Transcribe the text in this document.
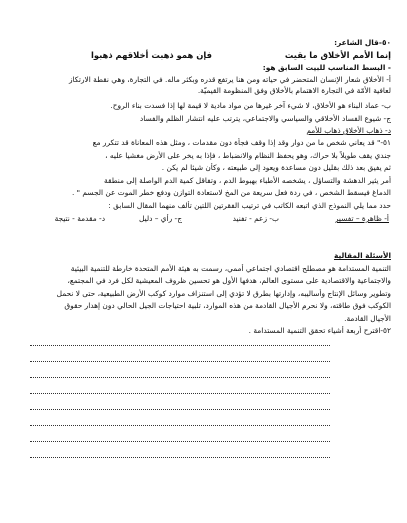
٥٠-قال الشاعر:
إنما الأمم الأخلاق ما بقيت
فإن همو ذهبت أخلاقهم ذهبوا
- البسط المناسب للبيت السابق هو:
أ- الأخلاق شعار الإنسان المتحضر في حياته ومن هنا يرتفع قدره وبكثر ماله. في التجارة، وهي نقطة الارتكاز
لعافية الأمّة في التجارة الاهتمام بالأخلاق وفق المنظومة القيميّة.
ب- عماد البناء هو الأخلاق، لا شيء آخر غيرها من مواد مادية لا قيمة لها إذا فسدت بناء الروح.
ج- شيوع الفساد الأخلاقي والسياسي والاجتماعي، يترتب عليه انتشار الظلم والفساد
د- ذهاب الأخلاق ذهاب للأمم
٥١-" قد يعاني شخص ما من دوار وقد إذا وقف فجأة دون مقدمات ، ومثل هذه المعاناة قد تتكرر مع
جندي يقف طويلاً بلا حراك، وهو يحفظ النظام والانضباط ، فإذا به يخر على الأرض مغشيا عليه ،
ثم يفيق بعد ذلك بقليل دون مساعدة ويعود إلى طبيعته ، وكأن شيئا لم يكن .
أمر يثير الدهشة والتساؤل ، يشخصه الأطباء بهبوط الدم ، وتفاقل كمية الدم الواصلة إلى منطقة
الدماغ فيسقط الشخص ، في ردة فعل سريعة من المخ لاستعادة التوازن ودفع خطر الموت عن الجسم " .
حدد مما يلي النموذج الذي اتبعه الكاتب في ترتيب الفقرتين اللتين تألف منهما المقال السابق :
أ- ظاهرة – تفسير
ب- زعم - تفنيد
ج- رأي – دليل
د- مقدمة - نتيجة
الأسئلة المقالية
التنمية المستدامة هو مصطلح اقتصادي اجتماعي أممي، رسمت به هيئة الأمم المتحدة خارطة للتنمية البيئية
والاجتماعية والاقتصادية على مستوى العالم، هدفها الأول هو تحسين ظروف المعيشية لكل فرد في المجتمع،
وتطوير وسائل الإنتاج وأساليبه، وإدارتها بطرق لا تؤدي إلى استنزاف موارد كوكب الأرض الطبيعية، حتى لا نحمل
الكوكب فوق طاقته، ولا نحرم الأجيال القادمة من هذه الموارد، تلبية احتياجات الجيل الحالي دون إهدار حقوق
الأجيال القادمة.
٥٢-اقترح أربعة أشياء تحقق التنمية المستدامة .
